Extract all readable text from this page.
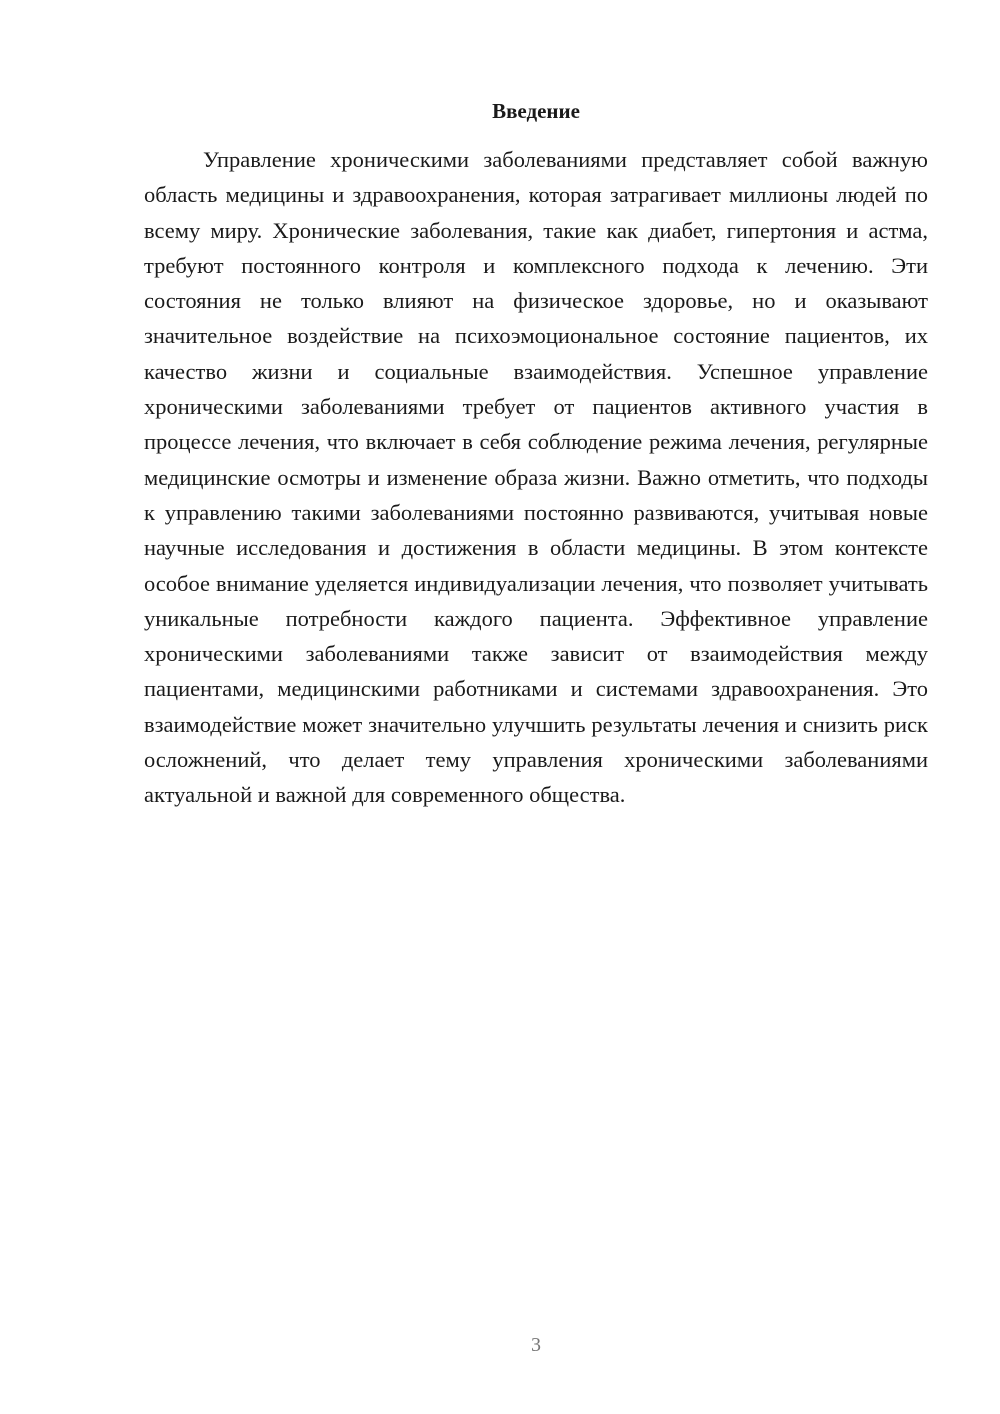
Введение

Управление хроническими заболеваниями представляет собой важную область медицины и здравоохранения, которая затрагивает миллионы людей по всему миру. Хронические заболевания, такие как диабет, гипертония и астма, требуют постоянного контроля и комплексного подхода к лечению. Эти состояния не только влияют на физическое здоровье, но и оказывают значительное воздействие на психоэмоциональное состояние пациентов, их качество жизни и социальные взаимодействия. Успешное управление хроническими заболеваниями требует от пациентов активного участия в процессе лечения, что включает в себя соблюдение режима лечения, регулярные медицинские осмотры и изменение образа жизни. Важно отметить, что подходы к управлению такими заболеваниями постоянно развиваются, учитывая новые научные исследования и достижения в области медицины. В этом контексте особое внимание уделяется индивидуализации лечения, что позволяет учитывать уникальные потребности каждого пациента. Эффективное управление хроническими заболеваниями также зависит от взаимодействия между пациентами, медицинскими работниками и системами здравоохранения. Это взаимодействие может значительно улучшить результаты лечения и снизить риск осложнений, что делает тему управления хроническими заболеваниями актуальной и важной для современного общества.

3
